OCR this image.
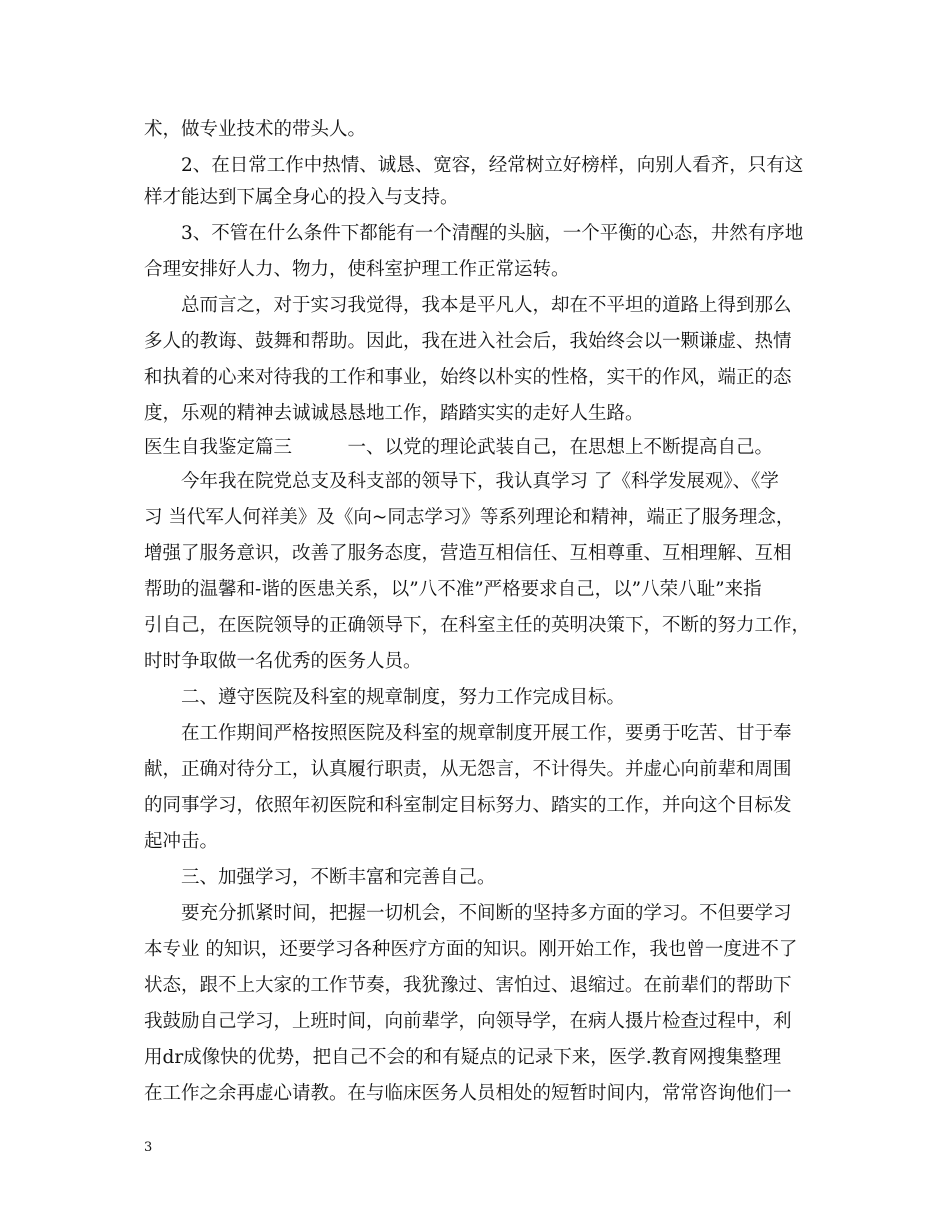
术，做专业技术的带头人。
　　2、在日常工作中热情、诚恳、宽容，经常树立好榜样，向别人看齐，只有这
样才能达到下属全身心的投入与支持。
　　3、不管在什么条件下都能有一个清醒的头脑，一个平衡的心态，井然有序地
合理安排好人力、物力，使科室护理工作正常运转。
　　总而言之，对于实习我觉得，我本是平凡人，却在不平坦的道路上得到那么
多人的教诲、鼓舞和帮助。因此，我在进入社会后，我始终会以一颗谦虚、热情
和执着的心来对待我的工作和事业，始终以朴实的性格，实干的作风，端正的态
度，乐观的精神去诚诚恳恳地工作，踏踏实实的走好人生路。
医生自我鉴定篇三　　　一、以党的理论武装自己，在思想上不断提高自己。
　　今年我在院党总支及科支部的领导下，我认真学习 了《科学发展观》、《学
习 当代军人何祥美》及《向~同志学习》等系列理论和精神，端正了服务理念，
增强了服务意识，改善了服务态度，营造互相信任、互相尊重、互相理解、互相
帮助的温馨和-谐的医患关系，以”八不准”严格要求自己，以”八荣八耻”来指
引自己，在医院领导的正确领导下，在科室主任的英明决策下，不断的努力工作，
时时争取做一名优秀的医务人员。
　　二、遵守医院及科室的规章制度，努力工作完成目标。
　　在工作期间严格按照医院及科室的规章制度开展工作，要勇于吃苦、甘于奉
献，正确对待分工，认真履行职责，从无怨言，不计得失。并虚心向前辈和周围
的同事学习，依照年初医院和科室制定目标努力、踏实的工作，并向这个目标发
起冲击。
　　三、加强学习，不断丰富和完善自己。
　　要充分抓紧时间，把握一切机会，不间断的坚持多方面的学习。不但要学习
本专业 的知识，还要学习各种医疗方面的知识。刚开始工作，我也曾一度进不了
状态，跟不上大家的工作节奏，我犹豫过、害怕过、退缩过。在前辈们的帮助下
我鼓励自己学习，上班时间，向前辈学，向领导学，在病人摄片检查过程中，利
用dr成像快的优势，把自己不会的和有疑点的记录下来，医学.教育网搜集整理
在工作之余再虚心请教。在与临床医务人员相处的短暂时间内，常常咨询他们一
3
